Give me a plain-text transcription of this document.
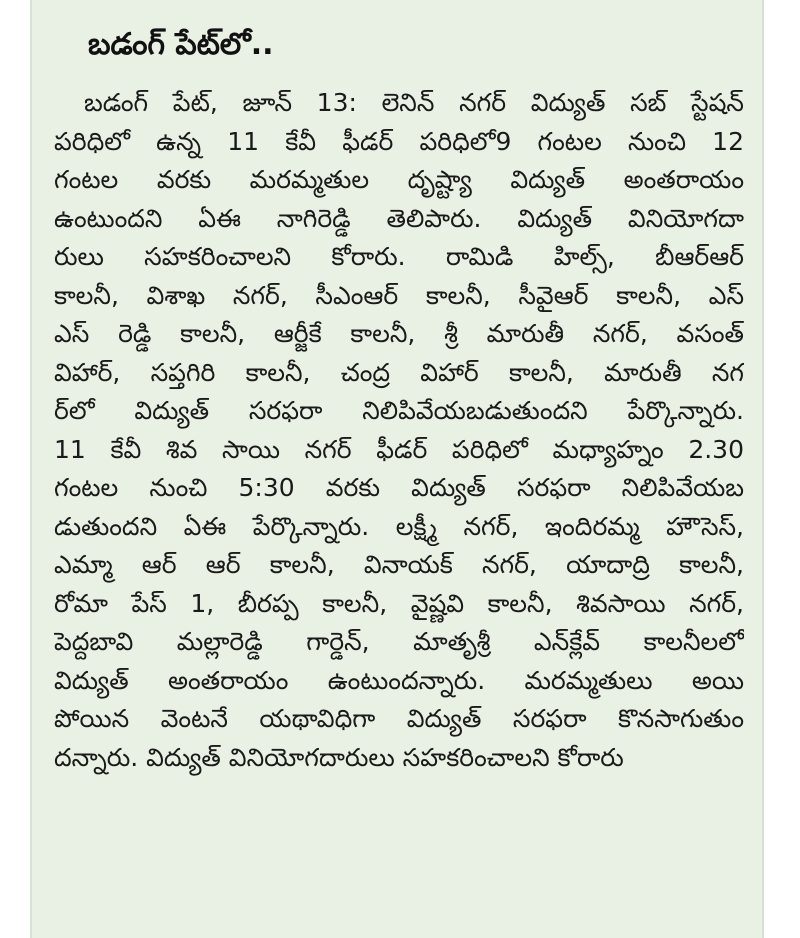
బడంగ్ పేట్‌లో..
బడంగ్ పేట్, జూన్ 13: లెనిన్ నగర్ విద్యుత్ సబ్ స్టేషన్
పరిధిలో ఉన్న 11 కేవీ ఫీడర్ పరిధిలో9 గంటల నుంచి 12
గంటల వరకు మరమ్మతుల దృష్ట్యా విద్యుత్ అంతరాయం
ఉంటుందని ఏఈ నాగిరెడ్డి తెలిపారు. విద్యుత్ వినియోగదా
రులు సహకరించాలని కోరారు. రామిడి హిల్స్, బీఆర్ఆర్
కాలనీ, విశాఖ నగర్, సీఎంఆర్ కాలనీ, సీవైఆర్ కాలనీ, ఎస్
ఎస్ రెడ్డి కాలనీ, ఆర్జీకే కాలనీ, శ్రీ మారుతీ నగర్, వసంత్
విహార్, సప్తగిరి కాలనీ, చంద్ర విహార్ కాలనీ, మారుతీ నగ
ర్‌లో విద్యుత్ సరఫరా నిలిపివేయబడుతుందని పేర్కొన్నారు.
11 కేవీ శివ సాయి నగర్ ఫీడర్ పరిధిలో మధ్యాహ్నం 2.30
గంటల నుంచి 5:30 వరకు విద్యుత్ సరఫరా నిలిపివేయబ
డుతుందని ఏఈ పేర్కొన్నారు. లక్ష్మీ నగర్, ఇందిరమ్మ హౌసెస్,
ఎమ్మా ఆర్ ఆర్ కాలనీ, వినాయక్ నగర్, యాదాద్రి కాలనీ,
రోమా పేస్ 1, బీరప్ప కాలనీ, వైష్ణవి కాలనీ, శివసాయి నగర్,
పెద్దబావి మల్లారెడ్డి గార్డెన్, మాతృశ్రీ ఎన్‌క్లేవ్ కాలనీలలో
విద్యుత్ అంతరాయం ఉంటుందన్నారు. మరమ్మతులు అయి
పోయిన వెంటనే యథావిధిగా విద్యుత్ సరఫరా కొనసాగుతుం
దన్నారు. విద్యుత్ వినియోగదారులు సహకరించాలని కోరారు
